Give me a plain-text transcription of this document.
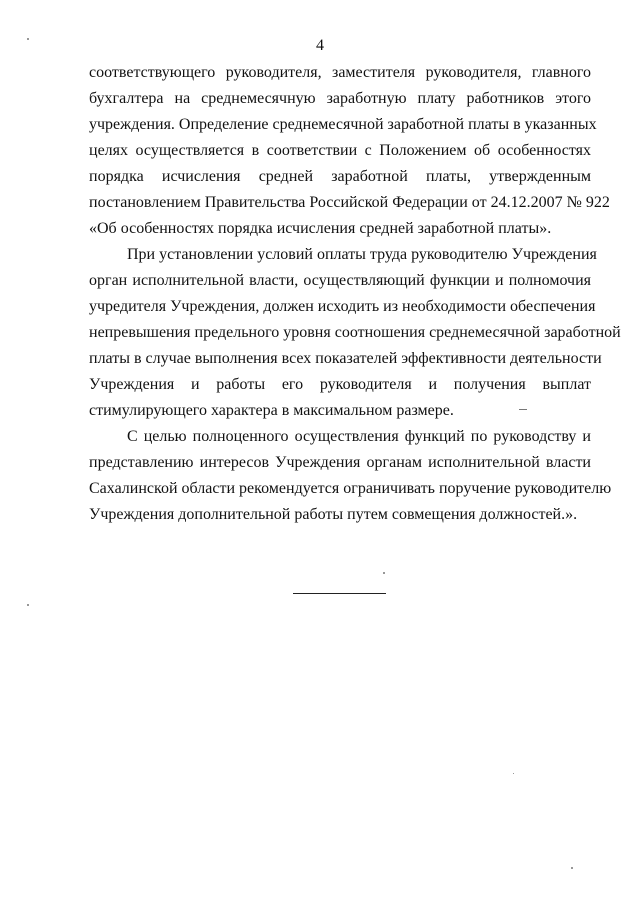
4
соответствующего руководителя, заместителя руководителя, главного
бухгалтера на среднемесячную заработную плату работников этого
учреждения. Определение среднемесячной заработной платы в указанных
целях осуществляется в соответствии с Положением об особенностях
порядка исчисления средней заработной платы, утвержденным
постановлением Правительства Российской Федерации от 24.12.2007 № 922
«Об особенностях порядка исчисления средней заработной платы».
При установлении условий оплаты труда руководителю Учреждения
орган исполнительной власти, осуществляющий функции и полномочия
учредителя Учреждения, должен исходить из необходимости обеспечения
непревышения предельного уровня соотношения среднемесячной заработной
платы в случае выполнения всех показателей эффективности деятельности
Учреждения и работы его руководителя и получения выплат
стимулирующего характера в максимальном размере.
С целью полноценного осуществления функций по руководству и
представлению интересов Учреждения органам исполнительной власти
Сахалинской области рекомендуется ограничивать поручение руководителю
Учреждения дополнительной работы путем совмещения должностей.».
